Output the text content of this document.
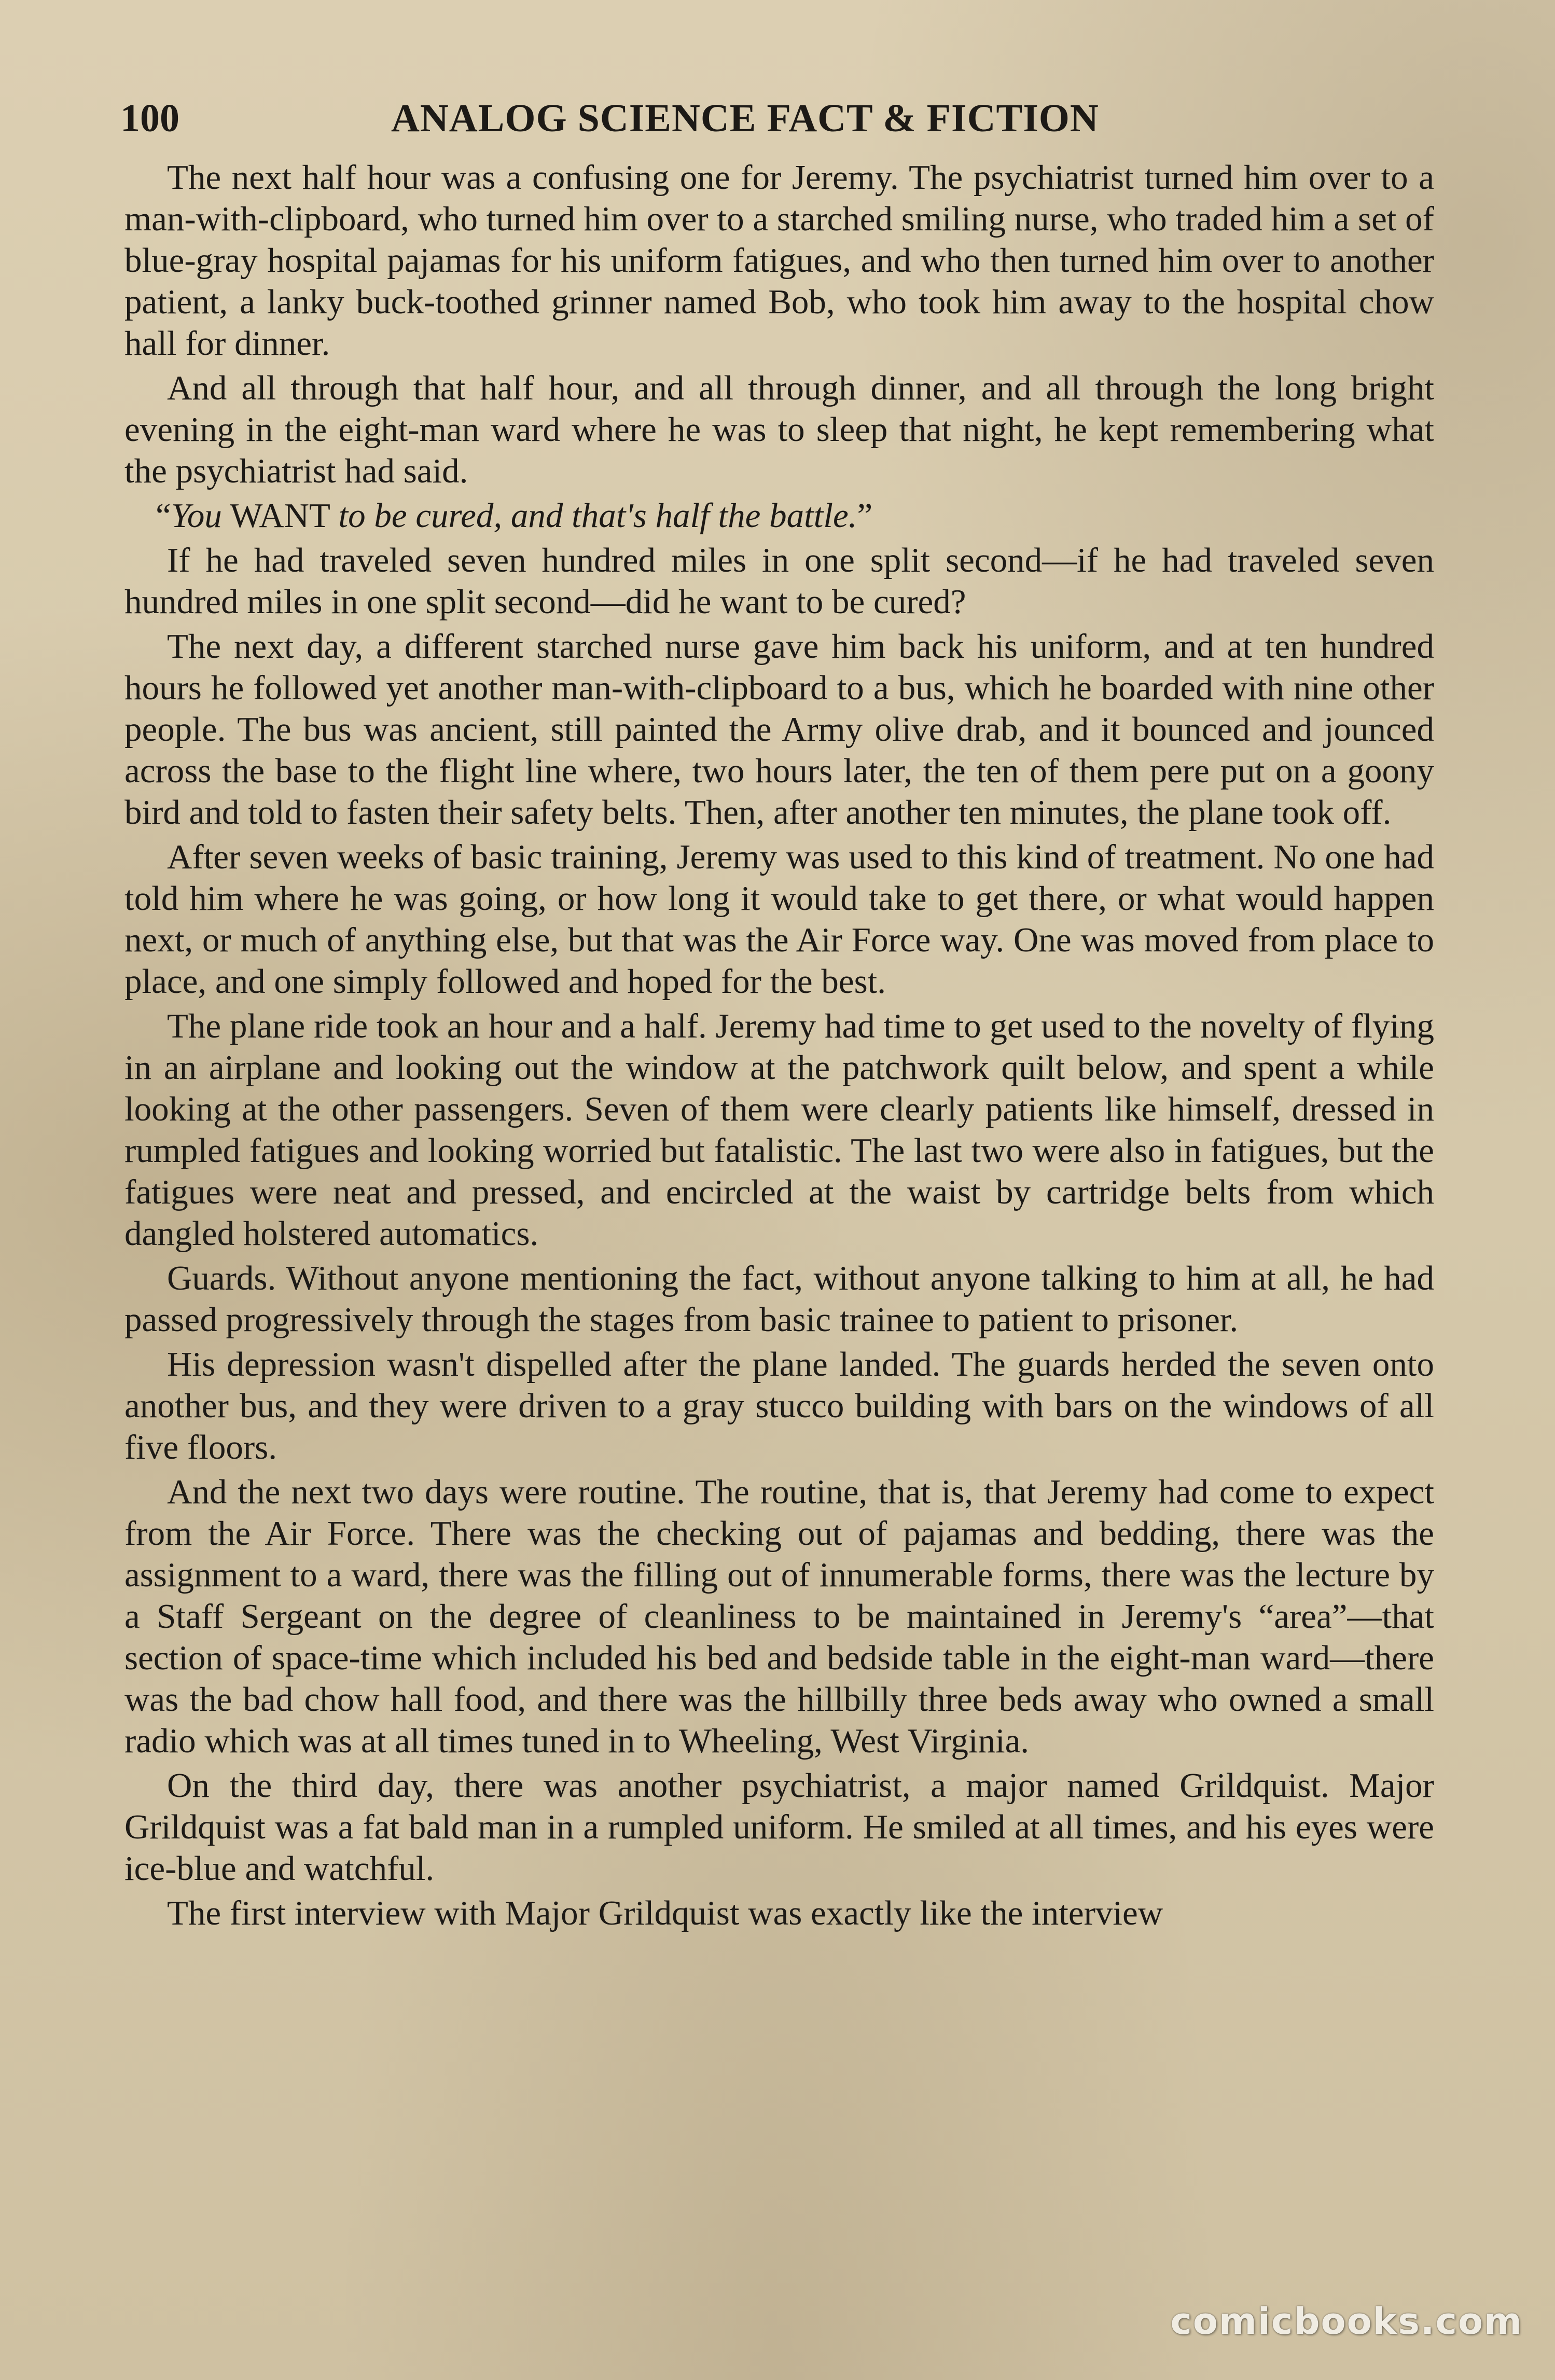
100	ANALOG SCIENCE FACT & FICTION

The next half hour was a confusing one for Jeremy. The psychiatrist turned him over to a man-with-clipboard, who turned him over to a starched smiling nurse, who traded him a set of blue-gray hospital pajamas for his uniform fatigues, and who then turned him over to another patient, a lanky buck-toothed grinner named Bob, who took him away to the hospital chow hall for dinner.

And all through that half hour, and all through dinner, and all through the long bright evening in the eight-man ward where he was to sleep that night, he kept remembering what the psychiatrist had said.

“You WANT to be cured, and that's half the battle.”

If he had traveled seven hundred miles in one split second—if he had traveled seven hundred miles in one split second—did he want to be cured?

The next day, a different starched nurse gave him back his uniform, and at ten hundred hours he followed yet another man-with-clipboard to a bus, which he boarded with nine other people. The bus was ancient, still painted the Army olive drab, and it bounced and jounced across the base to the flight line where, two hours later, the ten of them pere put on a goony bird and told to fasten their safety belts. Then, after another ten minutes, the plane took off.

After seven weeks of basic training, Jeremy was used to this kind of treatment. No one had told him where he was going, or how long it would take to get there, or what would happen next, or much of anything else, but that was the Air Force way. One was moved from place to place, and one simply followed and hoped for the best.

The plane ride took an hour and a half. Jeremy had time to get used to the novelty of flying in an airplane and looking out the window at the patchwork quilt below, and spent a while looking at the other passengers. Seven of them were clearly patients like himself, dressed in rumpled fatigues and looking worried but fatalistic. The last two were also in fatigues, but the fatigues were neat and pressed, and encircled at the waist by cartridge belts from which dangled holstered automatics.

Guards. Without anyone mentioning the fact, without anyone talking to him at all, he had passed progressively through the stages from basic trainee to patient to prisoner.

His depression wasn't dispelled after the plane landed. The guards herded the seven onto another bus, and they were driven to a gray stucco building with bars on the windows of all five floors.

And the next two days were routine. The routine, that is, that Jeremy had come to expect from the Air Force. There was the checking out of pajamas and bedding, there was the assignment to a ward, there was the filling out of innumerable forms, there was the lecture by a Staff Sergeant on the degree of cleanliness to be maintained in Jeremy's “area”—that section of space-time which included his bed and bedside table in the eight-man ward—there was the bad chow hall food, and there was the hillbilly three beds away who owned a small radio which was at all times tuned in to Wheeling, West Virginia.

On the third day, there was another psychiatrist, a major named Grildquist. Major Grildquist was a fat bald man in a rumpled uniform. He smiled at all times, and his eyes were ice-blue and watchful.

The first interview with Major Grildquist was exactly like the interview

comicbooks.com
